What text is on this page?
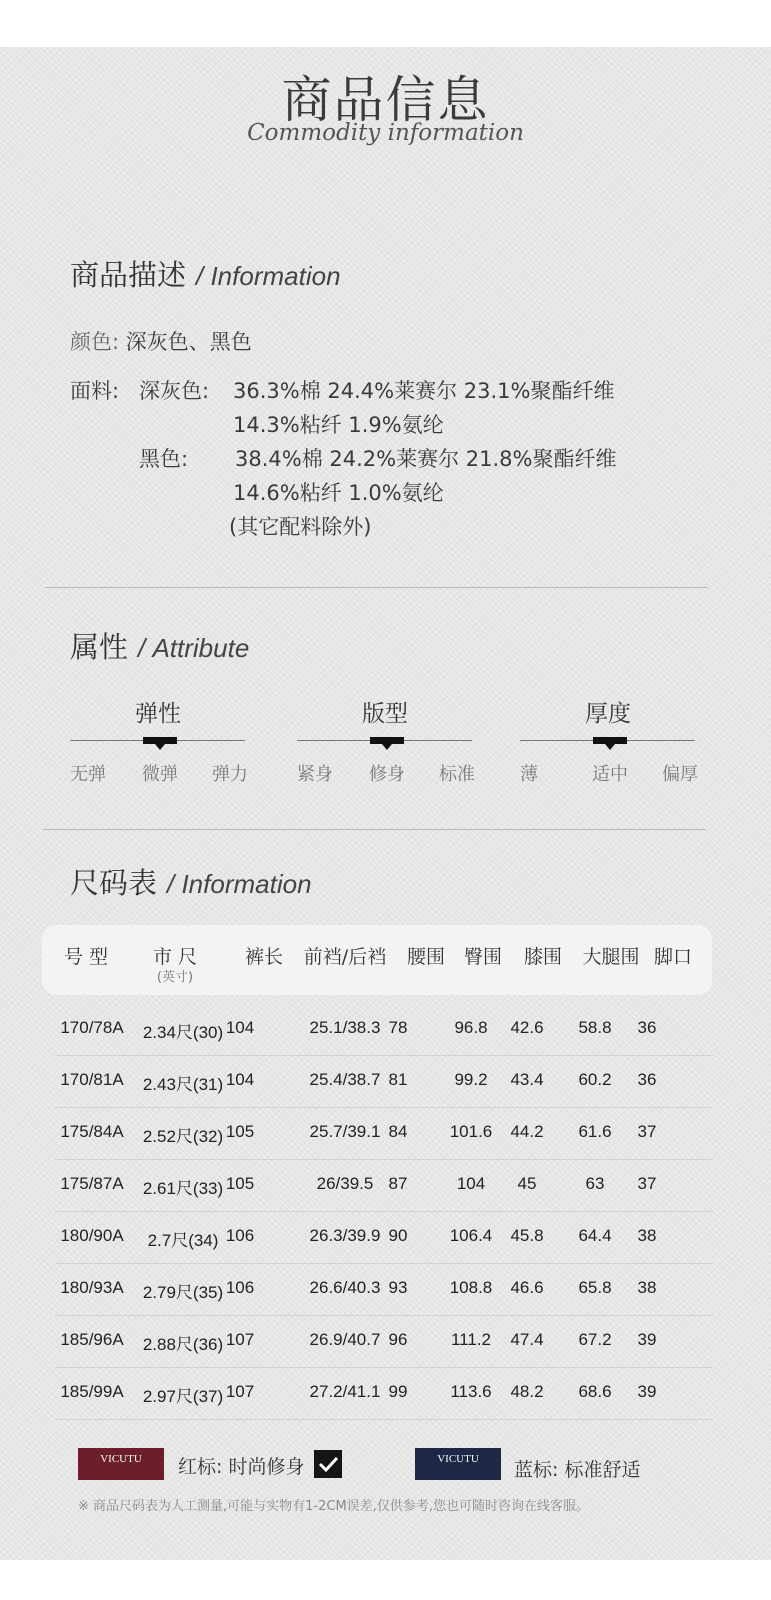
商品信息
Commodity information
商品描述 / Information
颜色: 深灰色、黑色
面料: 深灰色: 36.3%棉 24.4%莱赛尔 23.1%聚酯纤维
14.3%粘纤 1.9%氨纶
黑色: 38.4%棉 24.2%莱赛尔 21.8%聚酯纤维
14.6%粘纤 1.0%氨纶
(其它配料除外)
属性 / Attribute
弹性
无弹 微弹 弹力
版型
紧身 修身 标准
厚度
薄	适中 偏厚
尺码表 / Information
号 型	市 尺	裤长	前裆/后裆	腰围 臀围	膝围	大腿围 脚口
(英寸)
170/78A	2.34尺(30) 104	25.1/38.3 78	96.8	42.6	58.8	36
170/81A	2.43尺(31) 104	25.4/38.7 81	99.2	43.4	60.2	36
175/84A	2.52尺(32) 105	25.7/39.1 84	101.6	44.2	61.6	37
175/87A	2.61尺(33) 105	26/39.5 87	104	45	63	37
180/90A	2.7尺(34) 106	26.3/39.9 90	106.4	45.8	64.4	38
180/93A	2.79尺(35) 106	26.6/40.3 93	108.8	46.6	65.8	38
185/96A	2.88尺(36) 107	26.9/40.7 96	111.2	47.4	67.2	39
185/99A	2.97尺(37) 107	27.2/41.1 99	113.6	48.2	68.6	39
VICUTU	红标: 时尚修身	VICUTU	蓝标: 标准舒适
※ 商品尺码表为人工测量,可能与实物有1-2CM误差,仅供参考,您也可随时咨询在线客服。
